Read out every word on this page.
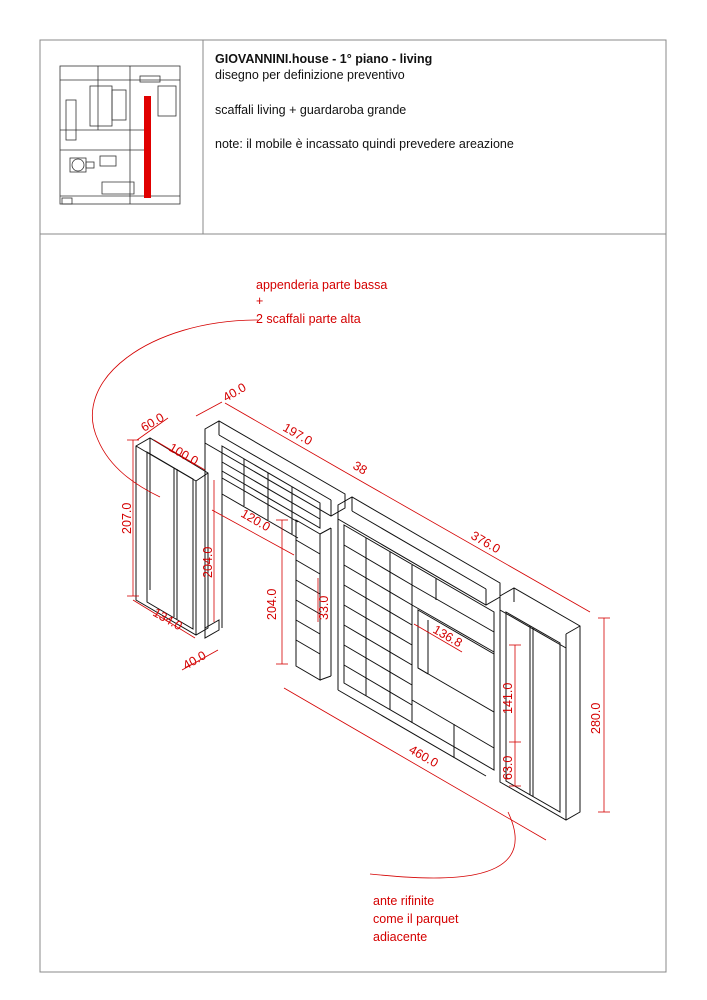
60.0
100.0
40.0
197.0
38
376.0
207.0
204.0
120.0
204.0	33.0
134.0
40.0
136.8
141.0
63.0
460.0
280.0
appenderia parte bassa
+
2 scaffali parte alta
ante rifinite
come il parquet
adiacente
GIOVANNINI.house - 1° piano - living
disegno per definizione preventivo
scaffali living + guardaroba grande
note: il mobile è incassato quindi prevedere areazione
